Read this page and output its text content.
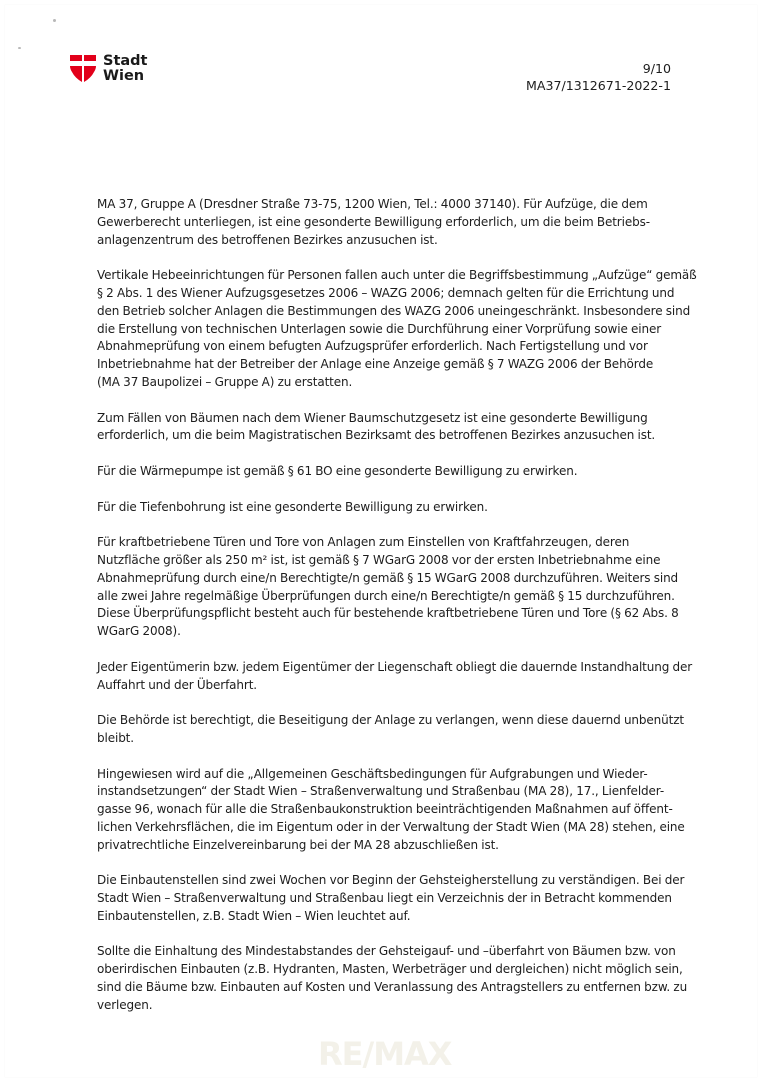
Stadt
Wien	9/10
MA37/1312671-2022-1

MA 37, Gruppe A (Dresdner Straße 73-75, 1200 Wien, Tel.: 4000 37140). Für Aufzüge, die dem
Gewerberecht unterliegen, ist eine gesonderte Bewilligung erforderlich, um die beim Betriebs-
anlagenzentrum des betroffenen Bezirkes anzusuchen ist.

Vertikale Hebeeinrichtungen für Personen fallen auch unter die Begriffsbestimmung „Aufzüge“ gemäß
§ 2 Abs. 1 des Wiener Aufzugsgesetzes 2006 – WAZG 2006; demnach gelten für die Errichtung und
den Betrieb solcher Anlagen die Bestimmungen des WAZG 2006 uneingeschränkt. Insbesondere sind
die Erstellung von technischen Unterlagen sowie die Durchführung einer Vorprüfung sowie einer
Abnahmeprüfung von einem befugten Aufzugsprüfer erforderlich. Nach Fertigstellung und vor
Inbetriebnahme hat der Betreiber der Anlage eine Anzeige gemäß § 7 WAZG 2006 der Behörde
(MA 37 Baupolizei – Gruppe A) zu erstatten.

Zum Fällen von Bäumen nach dem Wiener Baumschutzgesetz ist eine gesonderte Bewilligung
erforderlich, um die beim Magistratischen Bezirksamt des betroffenen Bezirkes anzusuchen ist.

Für die Wärmepumpe ist gemäß § 61 BO eine gesonderte Bewilligung zu erwirken.

Für die Tiefenbohrung ist eine gesonderte Bewilligung zu erwirken.

Für kraftbetriebene Türen und Tore von Anlagen zum Einstellen von Kraftfahrzeugen, deren
Nutzfläche größer als 250 m² ist, ist gemäß § 7 WGarG 2008 vor der ersten Inbetriebnahme eine
Abnahmeprüfung durch eine/n Berechtigte/n gemäß § 15 WGarG 2008 durchzuführen. Weiters sind
alle zwei Jahre regelmäßige Überprüfungen durch eine/n Berechtigte/n gemäß § 15 durchzuführen.
Diese Überprüfungspflicht besteht auch für bestehende kraftbetriebene Türen und Tore (§ 62 Abs. 8
WGarG 2008).

Jeder Eigentümerin bzw. jedem Eigentümer der Liegenschaft obliegt die dauernde Instandhaltung der
Auffahrt und der Überfahrt.

Die Behörde ist berechtigt, die Beseitigung der Anlage zu verlangen, wenn diese dauernd unbenützt
bleibt.

Hingewiesen wird auf die „Allgemeinen Geschäftsbedingungen für Aufgrabungen und Wieder-
instandsetzungen“ der Stadt Wien – Straßenverwaltung und Straßenbau (MA 28), 17., Lienfelder-
gasse 96, wonach für alle die Straßenbaukonstruktion beeinträchtigenden Maßnahmen auf öffent-
lichen Verkehrsflächen, die im Eigentum oder in der Verwaltung der Stadt Wien (MA 28) stehen, eine
privatrechtliche Einzelvereinbarung bei der MA 28 abzuschließen ist.

Die Einbautenstellen sind zwei Wochen vor Beginn der Gehsteigherstellung zu verständigen. Bei der
Stadt Wien – Straßenverwaltung und Straßenbau liegt ein Verzeichnis der in Betracht kommenden
Einbautenstellen, z.B. Stadt Wien – Wien leuchtet auf.

Sollte die Einhaltung des Mindestabstandes der Gehsteigauf- und –überfahrt von Bäumen bzw. von
oberirdischen Einbauten (z.B. Hydranten, Masten, Werbeträger und dergleichen) nicht möglich sein,
sind die Bäume bzw. Einbauten auf Kosten und Veranlassung des Antragstellers zu entfernen bzw. zu
verlegen.

RE/MAX
